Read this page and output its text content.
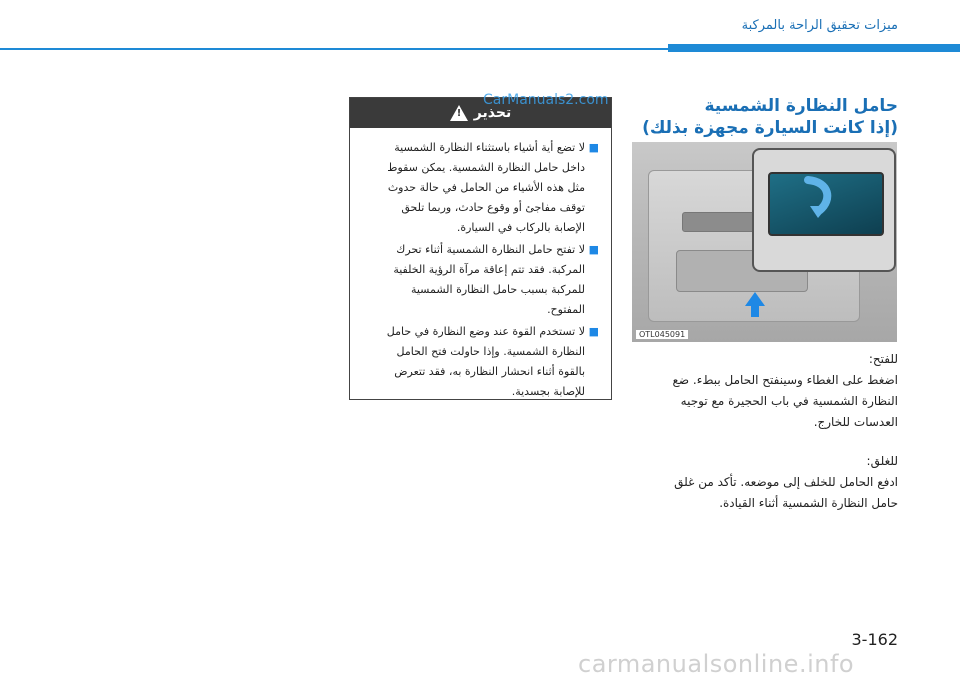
ميزات تحقيق الراحة بالمركبة
حامل النظارة الشمسية
(إذا كانت السيارة مجهزة بذلك)
OTL045091
للفتح:
اضغط على الغطاء وسينفتح الحامل ببطء. ضع
النظارة الشمسية في باب الحجيرة مع توجيه
العدسات للخارج.
للغلق:
ادفع الحامل للخلف إلى موضعه. تأكد من غلق
حامل النظارة الشمسية أثناء القيادة.
تحذير
!
■
لا تضع أية أشياء باستثناء النظارة الشمسية
داخل حامل النظارة الشمسية. يمكن سقوط
مثل هذه الأشياء من الحامل في حالة حدوث
توقف مفاجئ أو وقوع حادث، وربما تلحق
الإصابة بالركاب في السيارة.
■
لا تفتح حامل النظارة الشمسية أثناء تحرك
المركبة. فقد تتم إعاقة مرآة الرؤية الخلفية
للمركبة بسبب حامل النظارة الشمسية
المفتوح.
■
لا تستخدم القوة عند وضع النظارة في حامل
النظارة الشمسية. وإذا حاولت فتح الحامل
بالقوة أثناء انحشار النظارة به، فقد تتعرض
للإصابة بجسدية.
CarManuals2.com
3-162
carmanualsonline.info
